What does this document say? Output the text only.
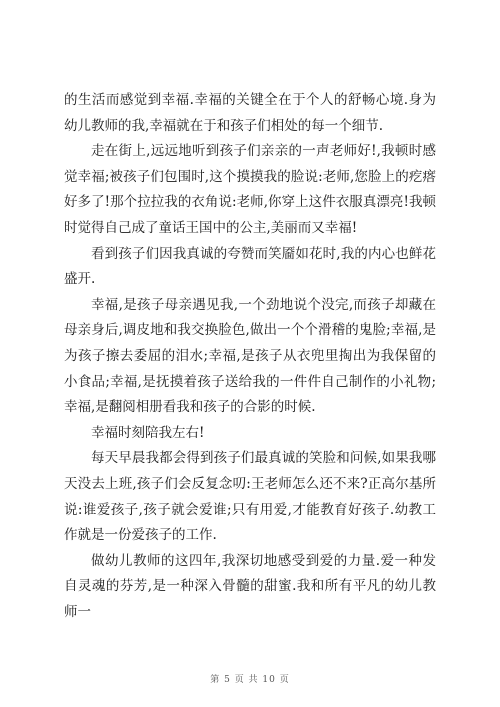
的生活而感觉到幸福.幸福的关键全在于个人的舒畅心境.身为幼儿教师的我,幸福就在于和孩子们相处的每一个细节.

走在街上,远远地听到孩子们亲亲的一声老师好!,我顿时感觉幸福;被孩子们包围时,这个摸摸我的脸说:老师,您脸上的疙瘩好多了!那个拉拉我的衣角说:老师,你穿上这件衣服真漂亮!我顿时觉得自己成了童话王国中的公主,美丽而又幸福!

看到孩子们因我真诚的夸赞而笑靥如花时,我的内心也鲜花盛开.

幸福,是孩子母亲遇见我,一个劲地说个没完,而孩子却藏在母亲身后,调皮地和我交换脸色,做出一个个滑稽的鬼脸;幸福,是为孩子擦去委屈的泪水;幸福,是孩子从衣兜里掏出为我保留的小食品;幸福,是抚摸着孩子送给我的一件件自己制作的小礼物;幸福,是翻阅相册看我和孩子的合影的时候.

幸福时刻陪我左右!

每天早晨我都会得到孩子们最真诚的笑脸和问候,如果我哪天没去上班,孩子们会反复念叨:王老师怎么还不来?正高尔基所说:谁爱孩子,孩子就会爱谁;只有用爱,才能教育好孩子.幼教工作就是一份爱孩子的工作.

做幼儿教师的这四年,我深切地感受到爱的力量.爱一种发自灵魂的芬芳,是一种深入骨髓的甜蜜.我和所有平凡的幼儿教师一

第 5 页 共 10 页
